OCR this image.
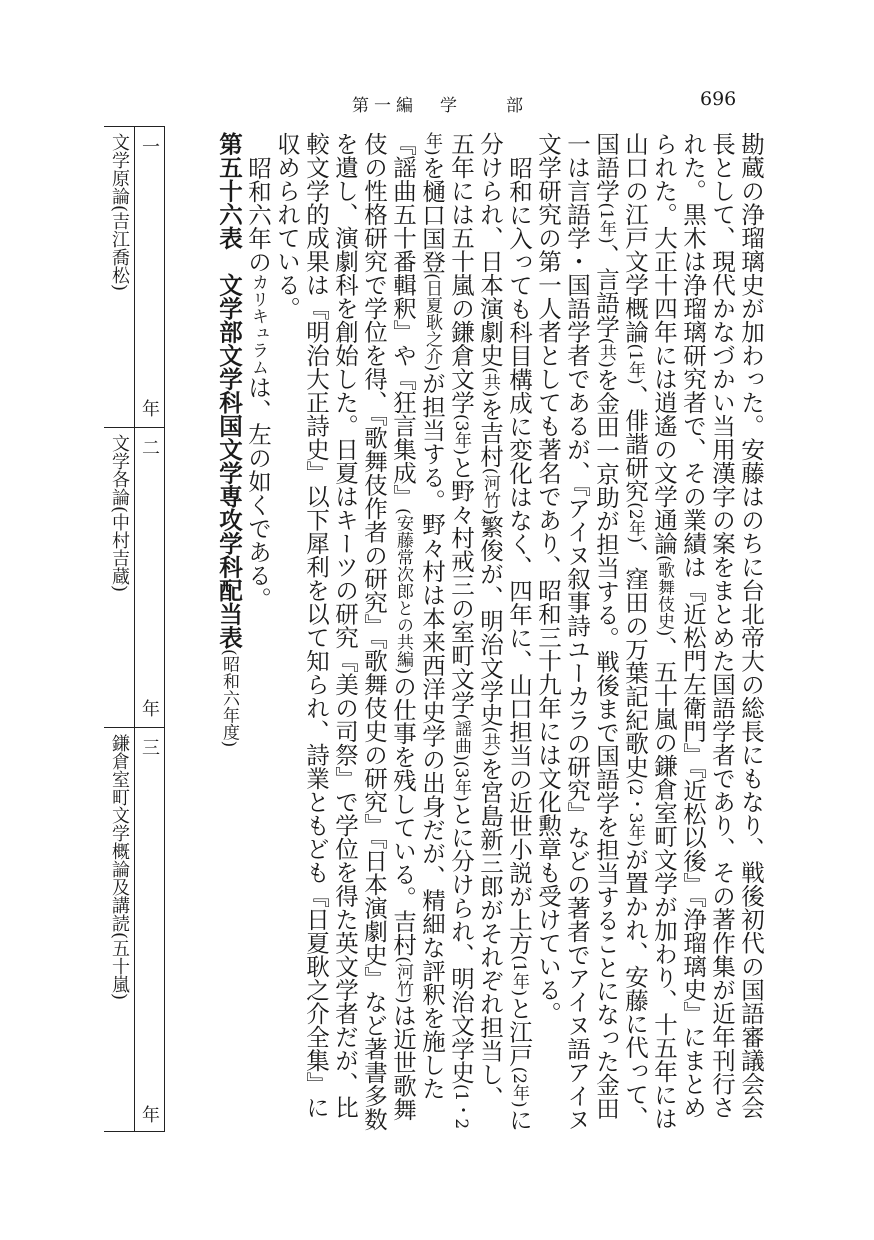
第一編　学　　部	696

勘蔵の浄瑠璃史が加わった。安藤はのちに台北帝大の総長にもなり、戦後初代の国語審議会会長として、現代かなづかい当用漢字の案をまとめた国語学者であり、その著作集が近年刊行された。黒木は浄瑠璃研究者で、その業績は『近松門左衛門』『近松以後』『浄瑠璃史』にまとめられた。大正十四年には逍遙の文学通論(歌舞伎史)、五十嵐の鎌倉室町文学が加わり、十五年には山口の江戸文学概論(1年)、俳諧研究(2年)、窪田の万葉記紀歌史(2・3年)が置かれ、安藤に代って、国語学(1年)、言語学(共)を金田一京助が担当する。戦後まで国語学を担当することになった金田一は言語学・国語学者であるが、『アイヌ叙事詩ユーカラの研究』などの著者でアイヌ語アイヌ文学研究の第一人者としても著名であり、昭和三十九年には文化勲章も受けている。

昭和に入っても科目構成に変化はなく、四年に、山口担当の近世小説が上方(1年)と江戸(2年)に分けられ、日本演劇史(共)を吉村(河竹)繁俊が、明治文学史(共)を宮島新三郎がそれぞれ担当し、五年には五十嵐の鎌倉文学(3年)と野々村戒三の室町文学(謡曲)(3年)とに分けられ、明治文学史(1・2年)を樋口国登(日夏耿之介)が担当する。野々村は本来西洋史学の出身だが、精細な評釈を施した『謡曲五十番輯釈』や『狂言集成』(安藤常次郎との共編)の仕事を残している。吉村(河竹)は近世歌舞伎の性格研究で学位を得、『歌舞伎作者の研究』『歌舞伎史の研究』『日本演劇史』など著書多数を遺し、演劇科を創始した。日夏はキーツの研究『美の司祭』で学位を得た英文学者だが、比較文学的成果は『明治大正詩史』以下犀利を以て知られ、詩業ともども『日夏耿之介全集』に収められている。

昭和六年のカリキュラムは、左の如くである。

第五十六表文学部文学科国文学専攻学科配当表(昭和六年度)

一
年
二
年
三
年
文学原論(吉江喬松)
文学各論(中村吉蔵)
鎌倉室町文学概論及講読(五十嵐)
